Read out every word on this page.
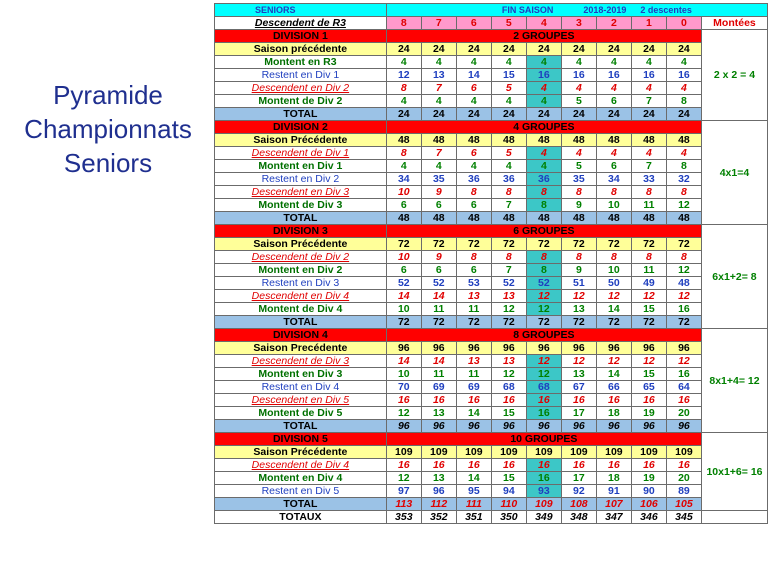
Pyramide
Championnats
Seniors
SENIORS	FIN SAISON 2018-2019 2 descentes									
Descendent de R3	8	7	6	5	4	3	2	1	0	Montées
DIVISION 1	2 GROUPES									2 x 2 = 4
Saison précédente	24	24	24	24	24	24	24	24	24	
Montent en R3	4	4	4	4	4	4	4	4	4	
Restent en Div 1	12	13	14	15	16	16	16	16	16	
Descendent en Div 2	8	7	6	5	4	4	4	4	4	
Montent de Div 2	4	4	4	4	4	5	6	7	8	
TOTAL	24	24	24	24	24	24	24	24	24	
DIVISION 2	4 GROUPES									4x1=4
Saison Précédente	48	48	48	48	48	48	48	48	48	
Descendent de Div 1	8	7	6	5	4	4	4	4	4	
Montent en Div 1	4	4	4	4	4	5	6	7	8	
Restent en Div 2	34	35	36	36	36	35	34	33	32	
Descendent en Div 3	10	9	8	8	8	8	8	8	8	
Montent de Div 3	6	6	6	7	8	9	10	11	12	
TOTAL	48	48	48	48	48	48	48	48	48	
DIVISION 3	6 GROUPES									6x1+2= 8
Saison Précédente	72	72	72	72	72	72	72	72	72	
Descendent de Div 2	10	9	8	8	8	8	8	8	8	
Montent en Div 2	6	6	6	7	8	9	10	11	12	
Restent en Div 3	52	52	53	52	52	51	50	49	48	
Descendent en Div 4	14	14	13	13	12	12	12	12	12	
Montent de Div 4	10	11	11	12	12	13	14	15	16	
TOTAL	72	72	72	72	72	72	72	72	72	
DIVISION 4	8 GROUPES									8x1+4= 12
Saison Precédente	96	96	96	96	96	96	96	96	96	
Descendent de Div 3	14	14	13	13	12	12	12	12	12	
Montent en Div 3	10	11	11	12	12	13	14	15	16	
Restent en Div 4	70	69	69	68	68	67	66	65	64	
Descendent en Div 5	16	16	16	16	16	16	16	16	16	
Montent de Div 5	12	13	14	15	16	17	18	19	20	
TOTAL	96	96	96	96	96	96	96	96	96	
DIVISION 5	10 GROUPES									10x1+6= 16
Saison Précédente	109	109	109	109	109	109	109	109	109	
Descendent de Div 4	16	16	16	16	16	16	16	16	16	
Montent en Div 4	12	13	14	15	16	17	18	19	20	
Restent en Div 5	97	96	95	94	93	92	91	90	89	
TOTAL	113	112	111	110	109	108	107	106	105	
TOTAUX	353	352	351	350	349	348	347	346	345	
